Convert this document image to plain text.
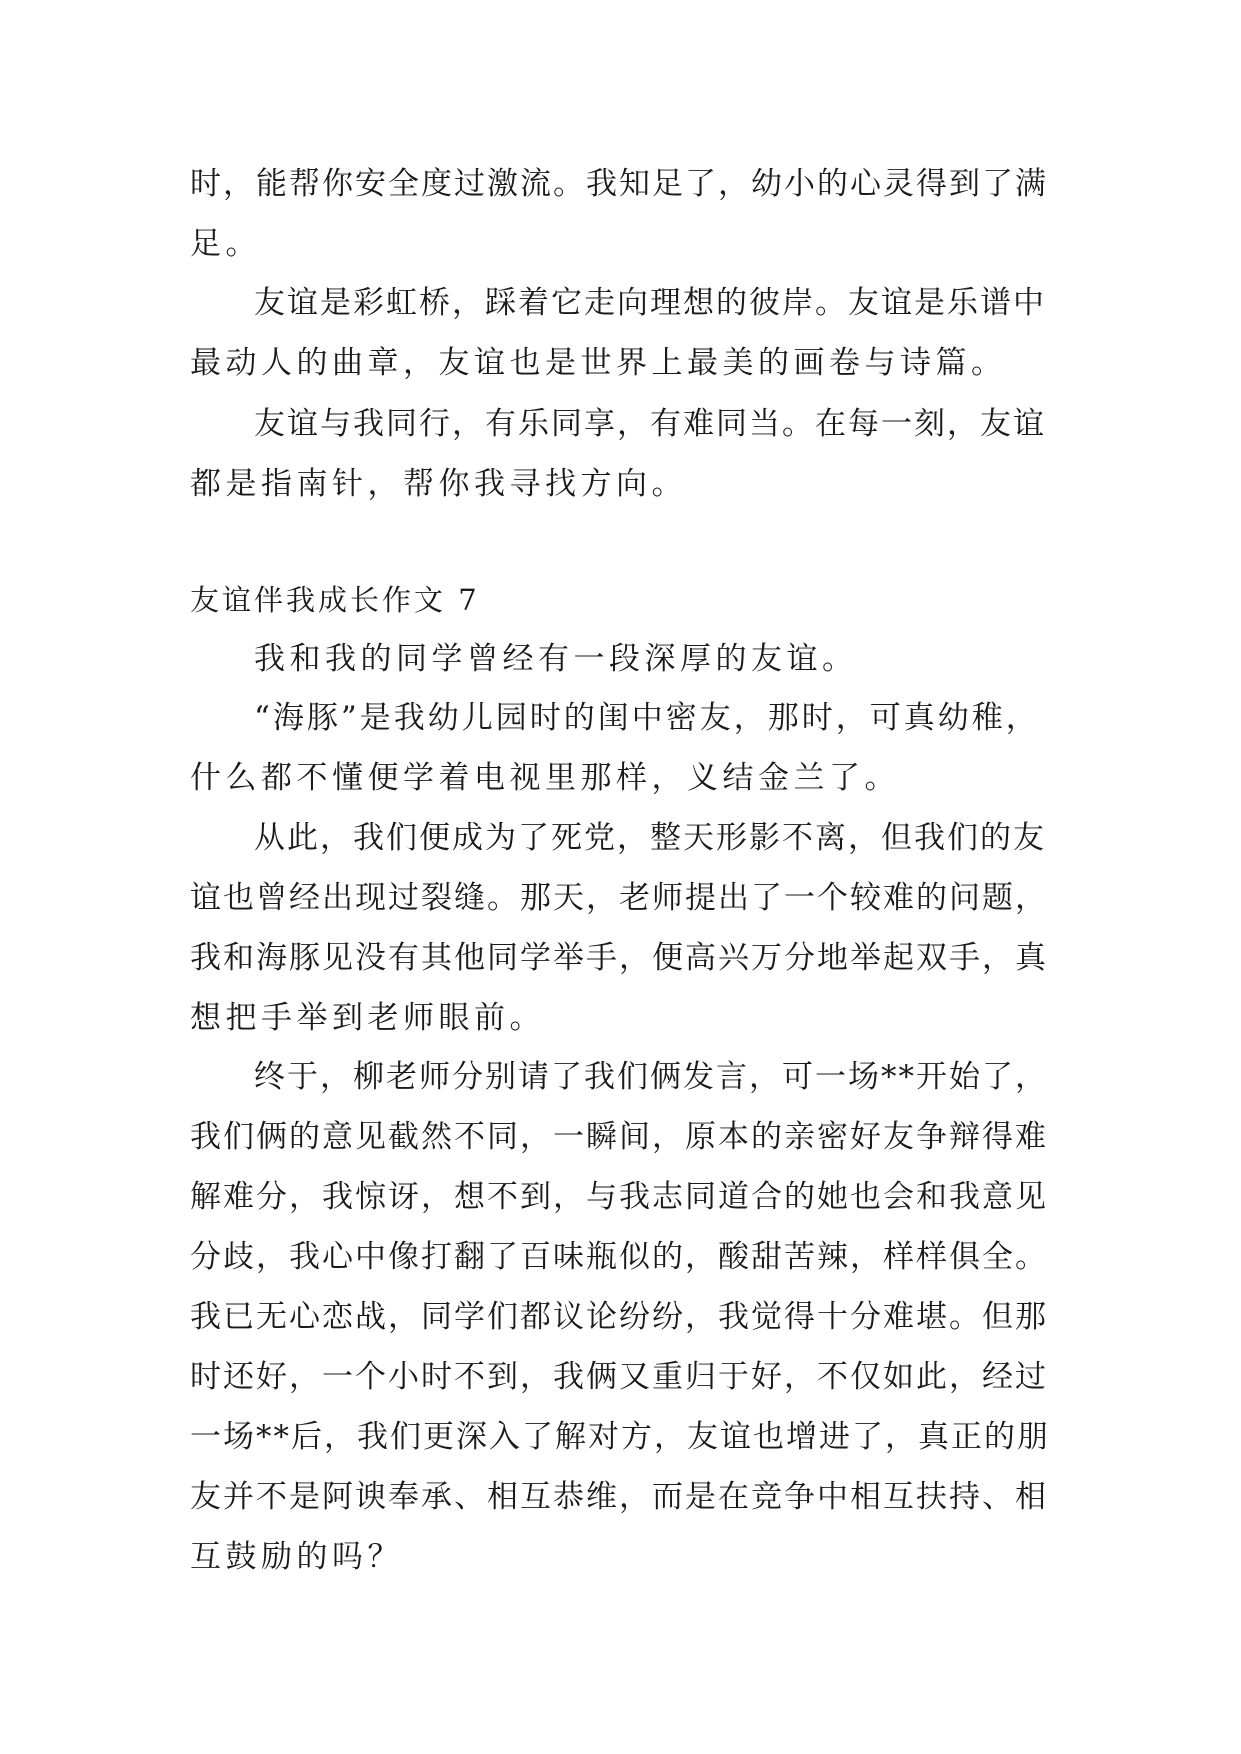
时，能帮你安全度过激流。我知足了，幼小的心灵得到了满
足。
友谊是彩虹桥，踩着它走向理想的彼岸。友谊是乐谱中
最动人的曲章，友谊也是世界上最美的画卷与诗篇。
友谊与我同行，有乐同享，有难同当。在每一刻，友谊
都是指南针，帮你我寻找方向。
友谊伴我成长作文 7
我和我的同学曾经有一段深厚的友谊。
“海豚”是我幼儿园时的闺中密友，那时，可真幼稚，
什么都不懂便学着电视里那样，义结金兰了。
从此，我们便成为了死党，整天形影不离，但我们的友
谊也曾经出现过裂缝。那天，老师提出了一个较难的问题，
我和海豚见没有其他同学举手，便高兴万分地举起双手，真
想把手举到老师眼前。
终于，柳老师分别请了我们俩发言，可一场**开始了，
我们俩的意见截然不同，一瞬间，原本的亲密好友争辩得难
解难分，我惊讶，想不到，与我志同道合的她也会和我意见
分歧，我心中像打翻了百味瓶似的，酸甜苦辣，样样俱全。
我已无心恋战，同学们都议论纷纷，我觉得十分难堪。但那
时还好，一个小时不到，我俩又重归于好，不仅如此，经过
一场**后，我们更深入了解对方，友谊也增进了，真正的朋
友并不是阿谀奉承、相互恭维，而是在竞争中相互扶持、相
互鼓励的吗？
